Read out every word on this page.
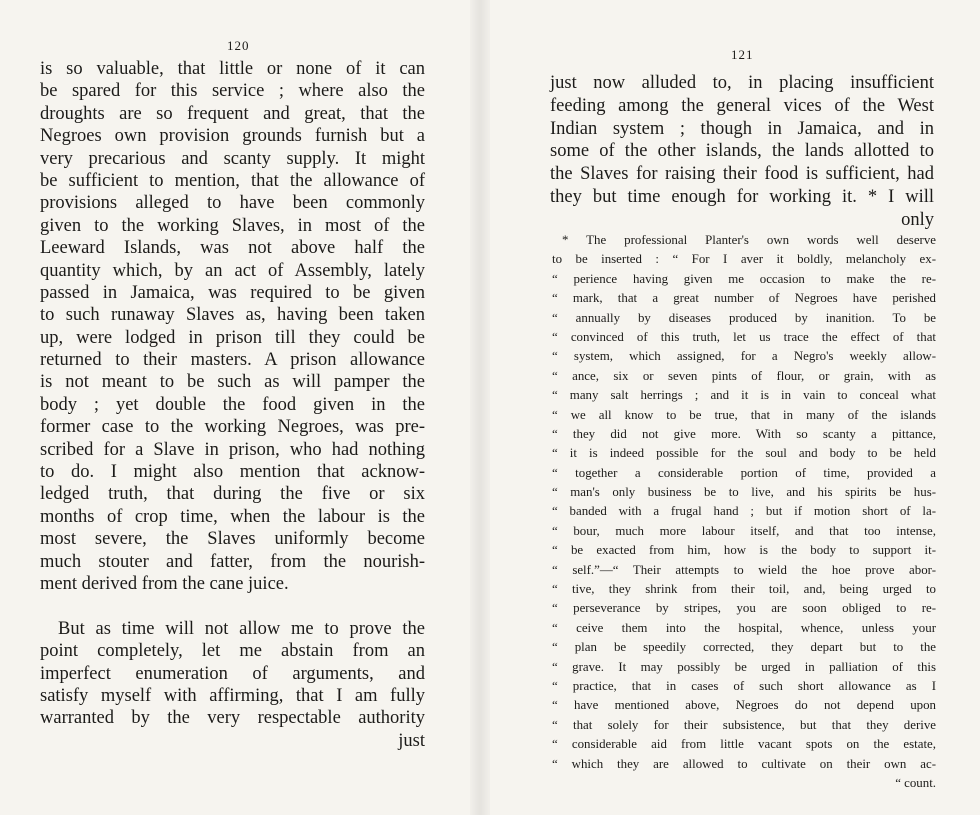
120
is so valuable, that little or none of it can
be spared for this service ; where also the
droughts are so frequent and great, that the
Negroes own provision grounds furnish but a
very precarious and scanty supply. It might
be sufficient to mention, that the allowance of
provisions alleged to have been commonly
given to the working Slaves, in most of the
Leeward Islands, was not above half the
quantity which, by an act of Assembly, lately
passed in Jamaica, was required to be given
to such runaway Slaves as, having been taken
up, were lodged in prison till they could be
returned to their masters. A prison allowance
is not meant to be such as will pamper the
body ; yet double the food given in the
former case to the working Negroes, was pre-
scribed for a Slave in prison, who had nothing
to do. I might also mention that acknow-
ledged truth, that during the five or six
months of crop time, when the labour is the
most severe, the Slaves uniformly become
much stouter and fatter, from the nourish-
ment derived from the cane juice.
But as time will not allow me to prove the
point completely, let me abstain from an
imperfect enumeration of arguments, and
satisfy myself with affirming, that I am fully
warranted by the very respectable authority
just
121
just now alluded to, in placing insufficient
feeding among the general vices of the West
Indian system ; though in Jamaica, and in
some of the other islands, the lands allotted to
the Slaves for raising their food is sufficient, had
they but time enough for working it. * I will
only
* The professional Planter's own words well deserve
to be inserted : “ For I aver it boldly, melancholy ex-
“ perience having given me occasion to make the re-
“ mark, that a great number of Negroes have perished
“ annually by diseases produced by inanition. To be
“ convinced of this truth, let us trace the effect of that
“ system, which assigned, for a Negro's weekly allow-
“ ance, six or seven pints of flour, or grain, with as
“ many salt herrings ; and it is in vain to conceal what
“ we all know to be true, that in many of the islands
“ they did not give more. With so scanty a pittance,
“ it is indeed possible for the soul and body to be held
“ together a considerable portion of time, provided a
“ man's only business be to live, and his spirits be hus-
“ banded with a frugal hand ; but if motion short of la-
“ bour, much more labour itself, and that too intense,
“ be exacted from him, how is the body to support it-
“ self.”—“ Their attempts to wield the hoe prove abor-
“ tive, they shrink from their toil, and, being urged to
“ perseverance by stripes, you are soon obliged to re-
“ ceive them into the hospital, whence, unless your
“ plan be speedily corrected, they depart but to the
“ grave. It may possibly be urged in palliation of this
“ practice, that in cases of such short allowance as I
“ have mentioned above, Negroes do not depend upon
“ that solely for their subsistence, but that they derive
“ considerable aid from little vacant spots on the estate,
“ which they are allowed to cultivate on their own ac-
“ count.
